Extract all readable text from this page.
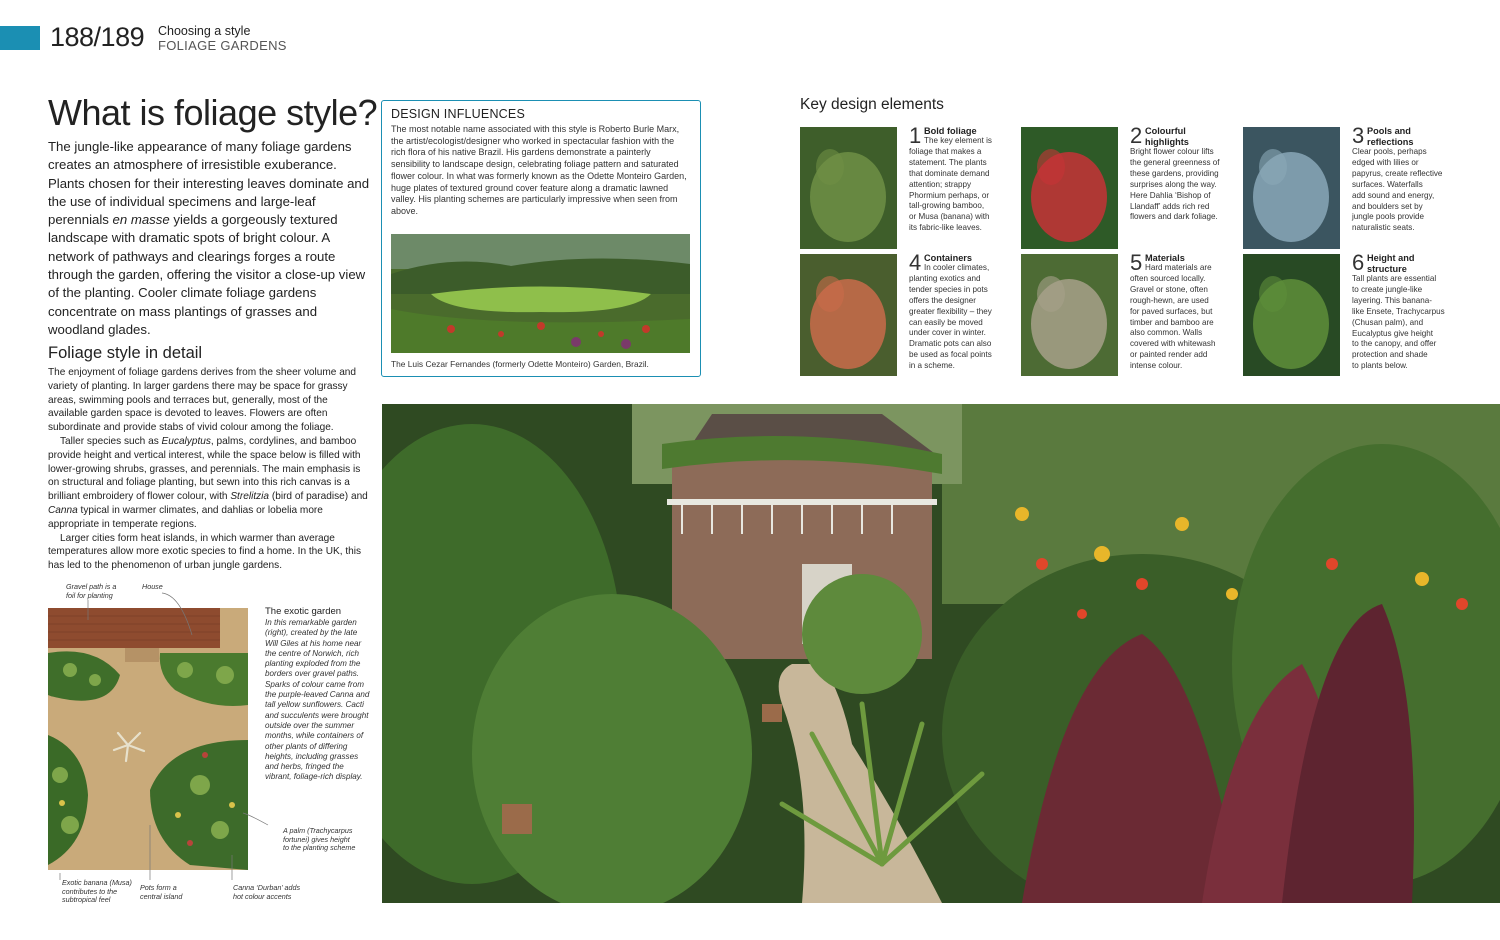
188/189 Choosing a style
FOLIAGE GARDENS
What is foliage style?
The jungle-like appearance of many foliage gardens creates an atmosphere of irresistible exuberance. Plants chosen for their interesting leaves dominate and the use of individual specimens and large-leaf perennials en masse yields a gorgeously textured landscape with dramatic spots of bright colour. A network of pathways and clearings forges a route through the garden, offering the visitor a close-up view of the planting. Cooler climate foliage gardens concentrate on mass plantings of grasses and woodland glades.
Foliage style in detail

The enjoyment of foliage gardens derives from the sheer volume and variety of planting. In larger gardens there may be space for grassy areas, swimming pools and terraces but, generally, most of the available garden space is devoted to leaves. Flowers are often subordinate and provide stabs of vivid colour among the foliage.

Taller species such as Eucalyptus, palms, cordylines, and bamboo provide height and vertical interest, while the space below is filled with lower-growing shrubs, grasses, and perennials. The main emphasis is on structural and foliage planting, but sewn into this rich canvas is a brilliant embroidery of flower colour, with Strelitzia (bird of paradise) and Canna typical in warmer climates, and dahlias or lobelia more appropriate in temperate regions.

Larger cities form heat islands, in which warmer than average temperatures allow more exotic species to find a home. In the UK, this has led to the phenomenon of urban jungle gardens.

Gravel path is a
foil for planting
House
A palm (Trachycarpus
fortunei) gives height
to the planting scheme
Exotic banana (Musa)
contributes to the
subtropical feel
Pots form a
central island
Canna ‘Durban’ adds
hot colour accents
The exotic garden
In this remarkable garden (right), created by the late Will Giles at his home near the centre of Norwich, rich planting exploded from the borders over gravel paths. Sparks of colour came from the purple-leaved Canna and tall yellow sunflowers. Cacti and succulents were brought outside over the summer months, while containers of other plants of differing heights, including grasses and herbs, fringed the vibrant, foliage-rich display.
DESIGN INFLUENCES
The most notable name associated with this style is Roberto Burle Marx, the artist/ecologist/designer who worked in spectacular fashion with the rich flora of his native Brazil. His gardens demonstrate a painterly sensibility to landscape design, celebrating foliage pattern and saturated flower colour. In what was formerly known as the Odette Monteiro Garden, huge plates of textured ground cover feature along a dramatic lawned valley. His planting schemes are particularly impressive when seen from above.
The Luis Cezar Fernandes (formerly Odette Monteiro) Garden, Brazil.
Key design elements
1 Bold foliage
The key element is
foliage that makes a
statement. The plants
that dominate demand
attention; strappy
Phormium perhaps, or
tall-growing bamboo,
or Musa (banana) with
its fabric-like leaves.
2 Colourful
highlights
Bright flower colour lifts
the general greenness of
these gardens, providing
surprises along the way.
Here Dahlia ‘Bishop of
Llandaff’ adds rich red
flowers and dark foliage.
3 Pools and
reflections
Clear pools, perhaps
edged with lilies or
papyrus, create reflective
surfaces. Waterfalls
add sound and energy,
and boulders set by
jungle pools provide
naturalistic seats.
4 Containers
In cooler climates,
planting exotics and
tender species in pots
offers the designer
greater flexibility – they
can easily be moved
under cover in winter.
Dramatic pots can also
be used as focal points
in a scheme.
5 Materials
Hard materials are
often sourced locally.
Gravel or stone, often
rough-hewn, are used
for paved surfaces, but
timber and bamboo are
also common. Walls
covered with whitewash
or painted render add
intense colour.
6 Height and
structure
Tall plants are essential
to create jungle-like
layering. This banana-
like Ensete, Trachycarpus
(Chusan palm), and
Eucalyptus give height
to the canopy, and offer
protection and shade
to plants below.
